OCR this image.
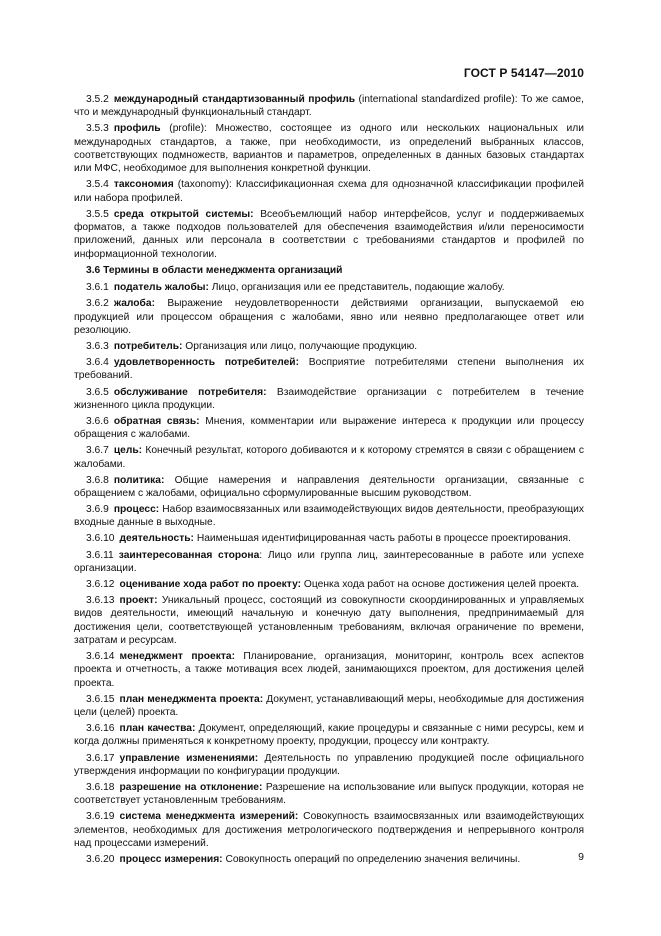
ГОСТ Р 54147—2010

3.5.2 международный стандартизованный профиль (international standardized profile): То же самое, что и международный функциональный стандарт.

3.5.3 профиль (profile): Множество, состоящее из одного или нескольких национальных или международных стандартов, а также, при необходимости, из определений выбранных классов, соответствующих подмножеств, вариантов и параметров, определенных в данных базовых стандартах или МФС, необходимое для выполнения конкретной функции.

3.5.4 таксономия (taxonomy): Классификационная схема для однозначной классификации профилей или набора профилей.

3.5.5 среда открытой системы: Всеобъемлющий набор интерфейсов, услуг и поддерживаемых форматов, а также подходов пользователей для обеспечения взаимодействия и/или переносимости приложений, данных или персонала в соответствии с требованиями стандартов и профилей по информационной технологии.

3.6 Термины в области менеджмента организаций

3.6.1 податель жалобы: Лицо, организация или ее представитель, подающие жалобу.

3.6.2 жалоба: Выражение неудовлетворенности действиями организации, выпускаемой ею продукцией или процессом обращения с жалобами, явно или неявно предполагающее ответ или резолюцию.

3.6.3 потребитель: Организация или лицо, получающие продукцию.

3.6.4 удовлетворенность потребителей: Восприятие потребителями степени выполнения их требований.

3.6.5 обслуживание потребителя: Взаимодействие организации с потребителем в течение жизненного цикла продукции.

3.6.6 обратная связь: Мнения, комментарии или выражение интереса к продукции или процессу обращения с жалобами.

3.6.7 цель: Конечный результат, которого добиваются и к которому стремятся в связи с обращением с жалобами.

3.6.8 политика: Общие намерения и направления деятельности организации, связанные с обращением с жалобами, официально сформулированные высшим руководством.

3.6.9 процесс: Набор взаимосвязанных или взаимодействующих видов деятельности, преобразующих входные данные в выходные.

3.6.10 деятельность: Наименьшая идентифицированная часть работы в процессе проектирования.

3.6.11 заинтересованная сторона: Лицо или группа лиц, заинтересованные в работе или успехе организации.

3.6.12 оценивание хода работ по проекту: Оценка хода работ на основе достижения целей проекта.

3.6.13 проект: Уникальный процесс, состоящий из совокупности скоординированных и управляемых видов деятельности, имеющий начальную и конечную дату выполнения, предпринимаемый для достижения цели, соответствующей установленным требованиям, включая ограничение по времени, затратам и ресурсам.

3.6.14 менеджмент проекта: Планирование, организация, мониторинг, контроль всех аспектов проекта и отчетность, а также мотивация всех людей, занимающихся проектом, для достижения целей проекта.

3.6.15 план менеджмента проекта: Документ, устанавливающий меры, необходимые для достижения цели (целей) проекта.

3.6.16 план качества: Документ, определяющий, какие процедуры и связанные с ними ресурсы, кем и когда должны применяться к конкретному проекту, продукции, процессу или контракту.

3.6.17 управление изменениями: Деятельность по управлению продукцией после официального утверждения информации по конфигурации продукции.

3.6.18 разрешение на отклонение: Разрешение на использование или выпуск продукции, которая не соответствует установленным требованиям.

3.6.19 система менеджмента измерений: Совокупность взаимосвязанных или взаимодействующих элементов, необходимых для достижения метрологического подтверждения и непрерывного контроля над процессами измерений.

3.6.20 процесс измерения: Совокупность операций по определению значения величины.	9
